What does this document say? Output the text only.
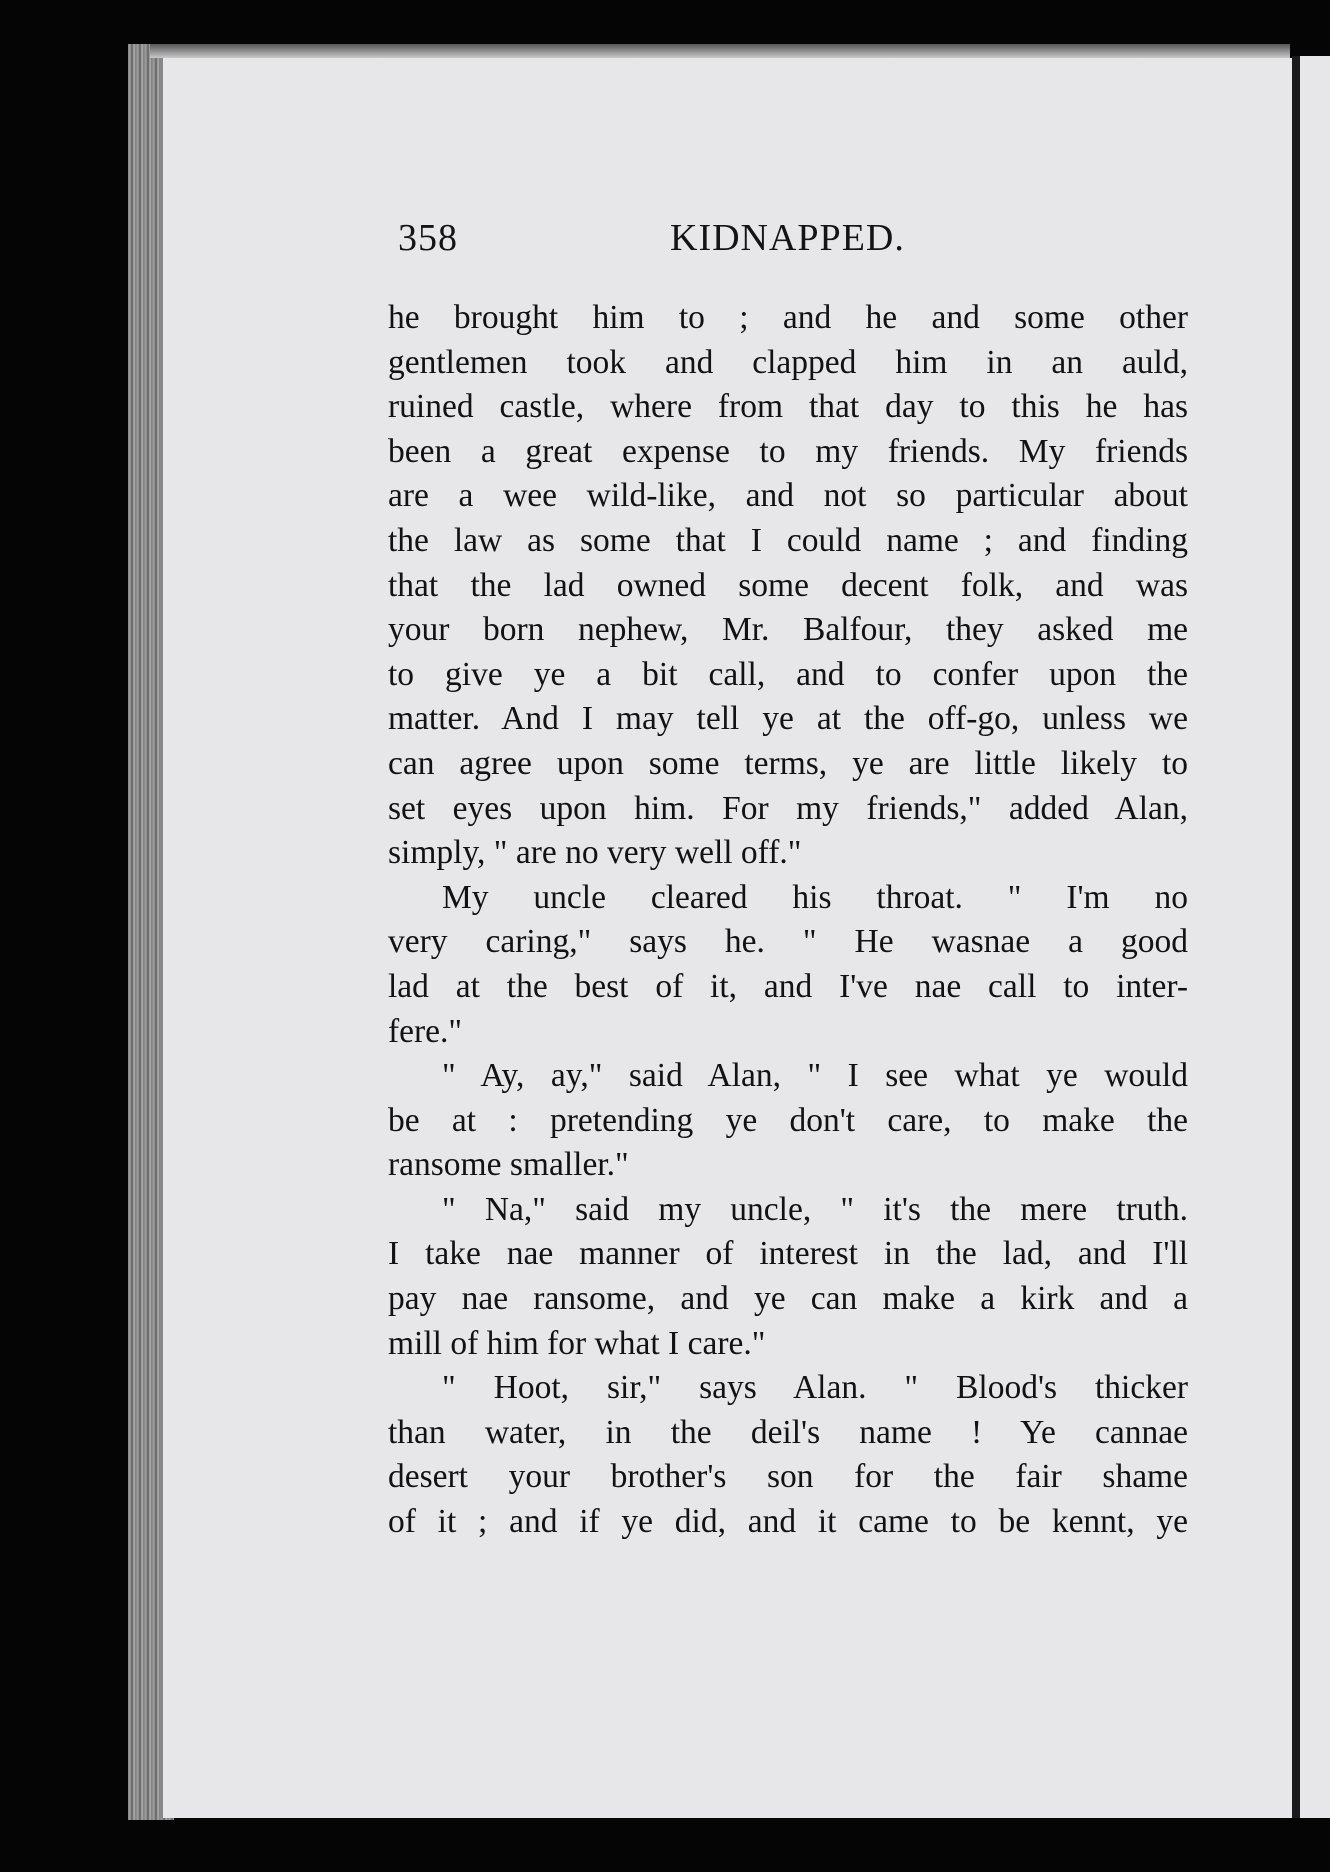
358	KIDNAPPED.
he brought him to ; and he and some other
gentlemen took and clapped him in an auld,
ruined castle, where from that day to this he has
been a great expense to my friends. My friends
are a wee wild-like, and not so particular about
the law as some that I could name ; and finding
that the lad owned some decent folk, and was
your born nephew, Mr. Balfour, they asked me
to give ye a bit call, and to confer upon the
matter. And I may tell ye at the off-go, unless we
can agree upon some terms, ye are little likely to
set eyes upon him. For my friends," added Alan,
simply, " are no very well off."
My uncle cleared his throat. " I'm no
very caring," says he. " He wasnae a good
lad at the best of it, and I've nae call to inter-
fere."
" Ay, ay," said Alan, " I see what ye would
be at : pretending ye don't care, to make the
ransome smaller."
" Na," said my uncle, " it's the mere truth.
I take nae manner of interest in the lad, and I'll
pay nae ransome, and ye can make a kirk and a
mill of him for what I care."
" Hoot, sir," says Alan. " Blood's thicker
than water, in the deil's name ! Ye cannae
desert your brother's son for the fair shame
of it ; and if ye did, and it came to be kennt, ye
